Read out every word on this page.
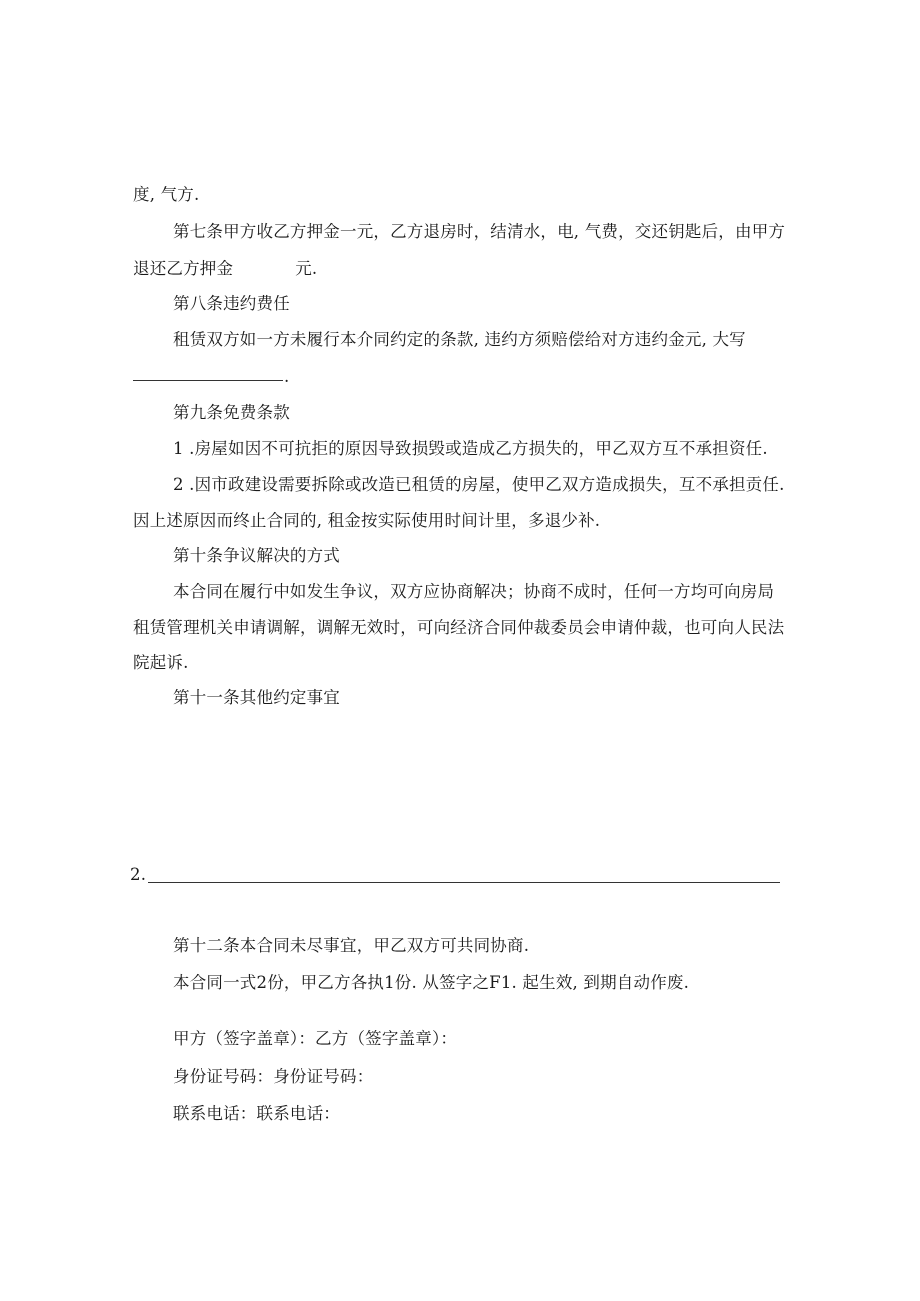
度, 气方.
第七条甲方收乙方押金一元，乙方退房时，结清水，电, 气费，交还钥匙后，由甲方
退还乙方押金	元.
第八条违约费任
租赁双方如一方未履行本介同约定的条款, 违约方须赔偿给对方违约金元, 大写
.
第九条免费条款
1 .房屋如因不可抗拒的原因导致损毁或造成乙方损失的，甲乙双方互不承担资任.
2 .因市政建设需要拆除或改造已租赁的房屋，使甲乙双方造成损失，互不承担贡任.
因上述原因而终止合同的, 租金按实际使用时间计里，多退少补.
第十条争议解决的方式
本合同在履行中如发生争议，双方应协商解决；协商不成时，任何一方均可向房局
租赁管理机关申请调解，调解无效时，可向经济合同仲裁委员会申请仲裁，也可向人民法
院起诉.
第十一条其他约定事宜
2.
第十二条本合同未尽事宜，甲乙双方可共同协商.
本合同一式2份，甲乙方各执1份. 从签字之F1. 起生效, 到期自动作废.
甲方（签字盖章）：乙方（签字盖章）：
身份证号码：身份证号码：
联系电话：联系电话：
